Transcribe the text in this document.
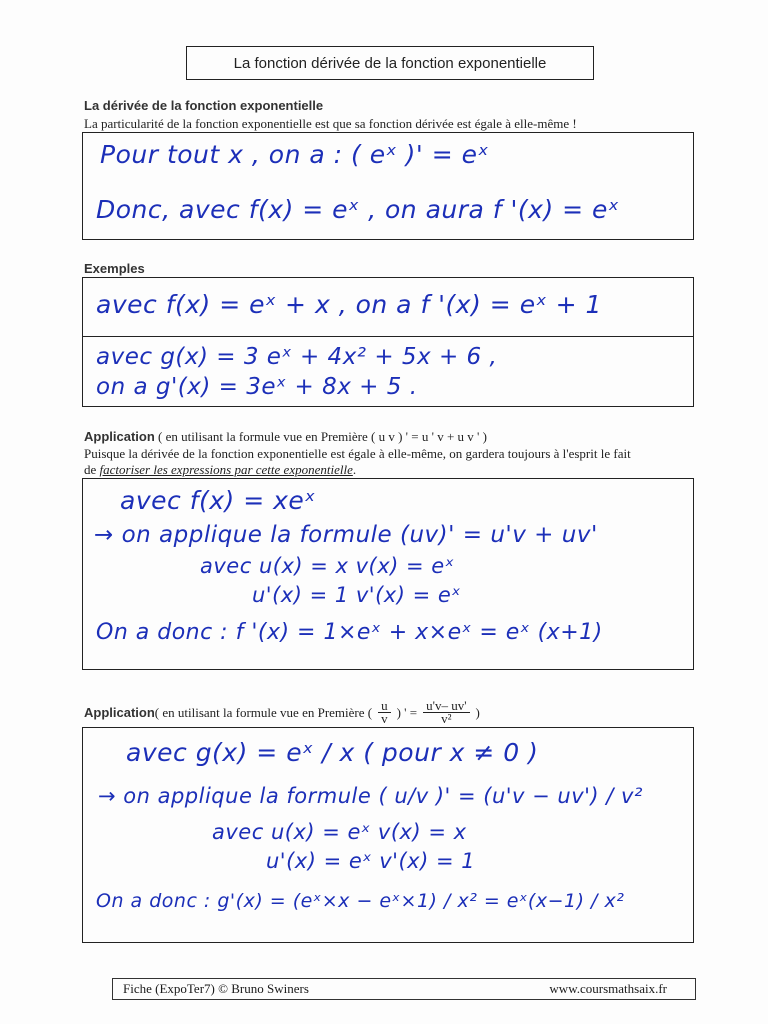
La fonction dérivée de la fonction exponentielle
La dérivée de la fonction exponentielle
La particularité de la fonction exponentielle est que sa fonction dérivée est égale à elle-même !
Pour tout x , on a : ( eˣ )' = eˣ
Donc, avec f(x) = eˣ , on aura f '(x) = eˣ
Exemples
avec f(x) = eˣ + x , on a f '(x) = eˣ + 1
avec g(x) = 3 eˣ + 4x² + 5x + 6 ,
on a g'(x) = 3eˣ + 8x + 5 .
Application ( en utilisant la formule vue en Première ( u v ) ' = u ' v + u v ' )
Puisque la dérivée de la fonction exponentielle est égale à elle-même, on gardera toujours à l'esprit le fait
de factoriser les expressions par cette exponentielle.
avec f(x) = xeˣ
→ on applique la formule (uv)' = u'v + uv'
avec u(x) = x v(x) = eˣ
u'(x) = 1 v'(x) = eˣ
On a donc : f '(x) = 1×eˣ + x×eˣ = eˣ (x+1)
Application ( en utilisant la formule vue en Première ( $\frac{u}{v}$ ) ' = $\frac{u'v- uv'}{\text{v²}}$ )
avec g(x) = eˣ / x ( pour x ≠ 0 )
→ on applique la formule ( u/v )' = (u'v − uv') / v²
avec u(x) = eˣ v(x) = x
u'(x) = eˣ v'(x) = 1
On a donc : g'(x) = (eˣ×x − eˣ×1) / x² = eˣ(x−1) / x²
Fiche (ExpoTer7) © Bruno Swiners	www.coursmathsaix.fr
